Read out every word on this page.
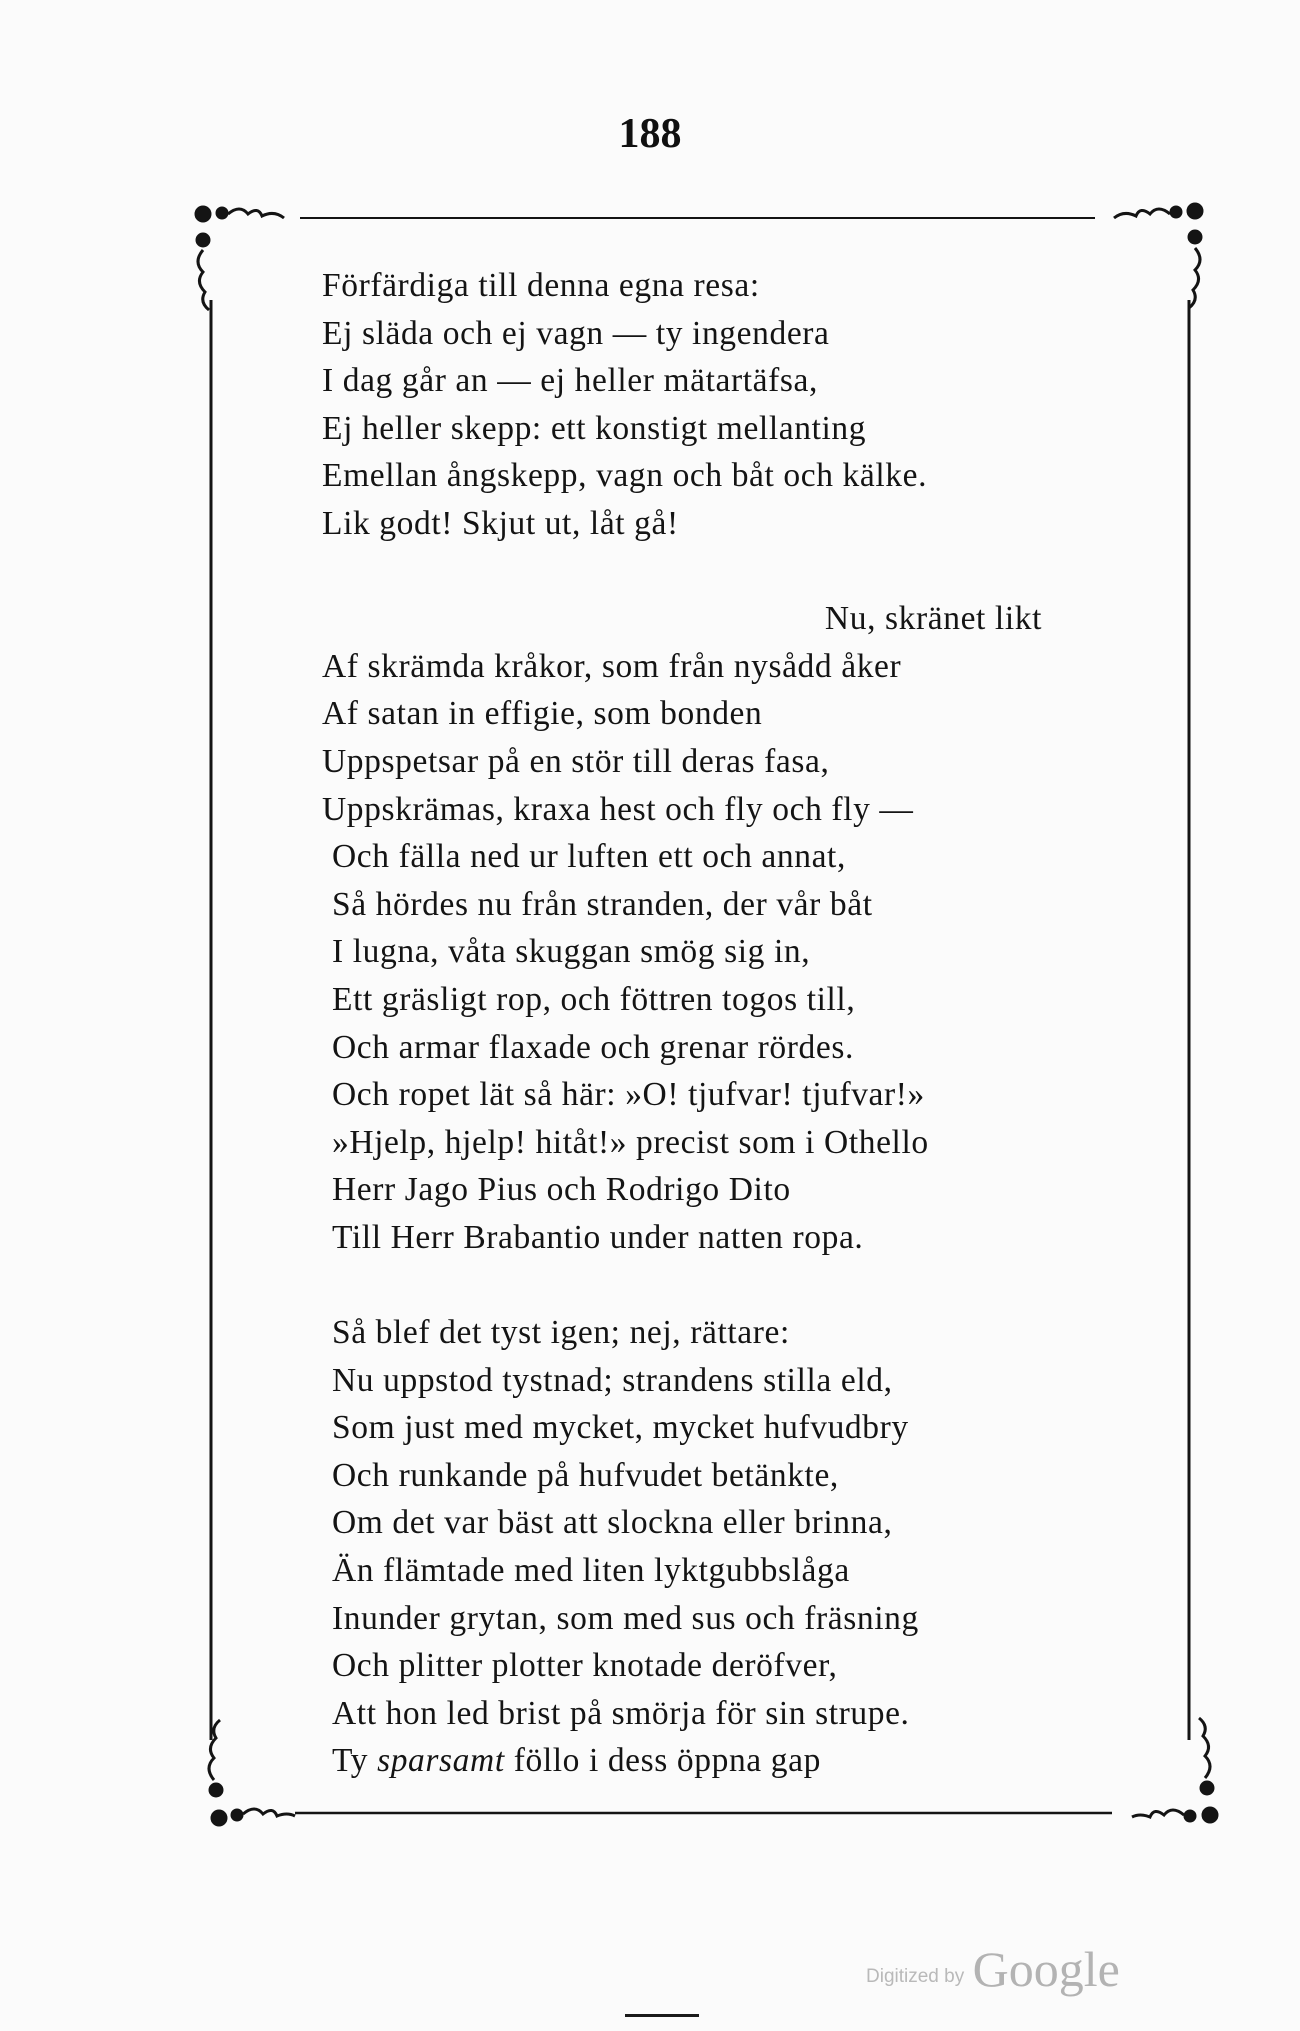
188
Förfärdiga till denna egna resa:
Ej släda och ej vagn — ty ingendera
I dag går an — ej heller mätartäfsa,
Ej heller skepp: ett konstigt mellanting
Emellan ångskepp, vagn och båt och kälke.
Lik godt! Skjut ut, låt gå!
Nu, skränet likt
Af skrämda kråkor, som från nysådd åker
Af satan in effigie, som bonden
Uppspetsar på en stör till deras fasa,
Uppskrämas, kraxa hest och fly och fly —
Och fälla ned ur luften ett och annat,
Så hördes nu från stranden, der vår båt
I lugna, våta skuggan smög sig in,
Ett gräsligt rop, och föttren togos till,
Och armar flaxade och grenar rördes.
Och ropet lät så här: »O! tjufvar! tjufvar!»
»Hjelp, hjelp! hitåt!» precist som i Othello
Herr Jago Pius och Rodrigo Dito
Till Herr Brabantio under natten ropa.
Så blef det tyst igen; nej, rättare:
Nu uppstod tystnad; strandens stilla eld,
Som just med mycket, mycket hufvudbry
Och runkande på hufvudet betänkte,
Om det var bäst att slockna eller brinna,
Än flämtade med liten lyktgubbslåga
Inunder grytan, som med sus och fräsning
Och plitter plotter knotade deröfver,
Att hon led brist på smörja för sin strupe.
Ty sparsamt föllo i dess öppna gap
Digitized by Google
